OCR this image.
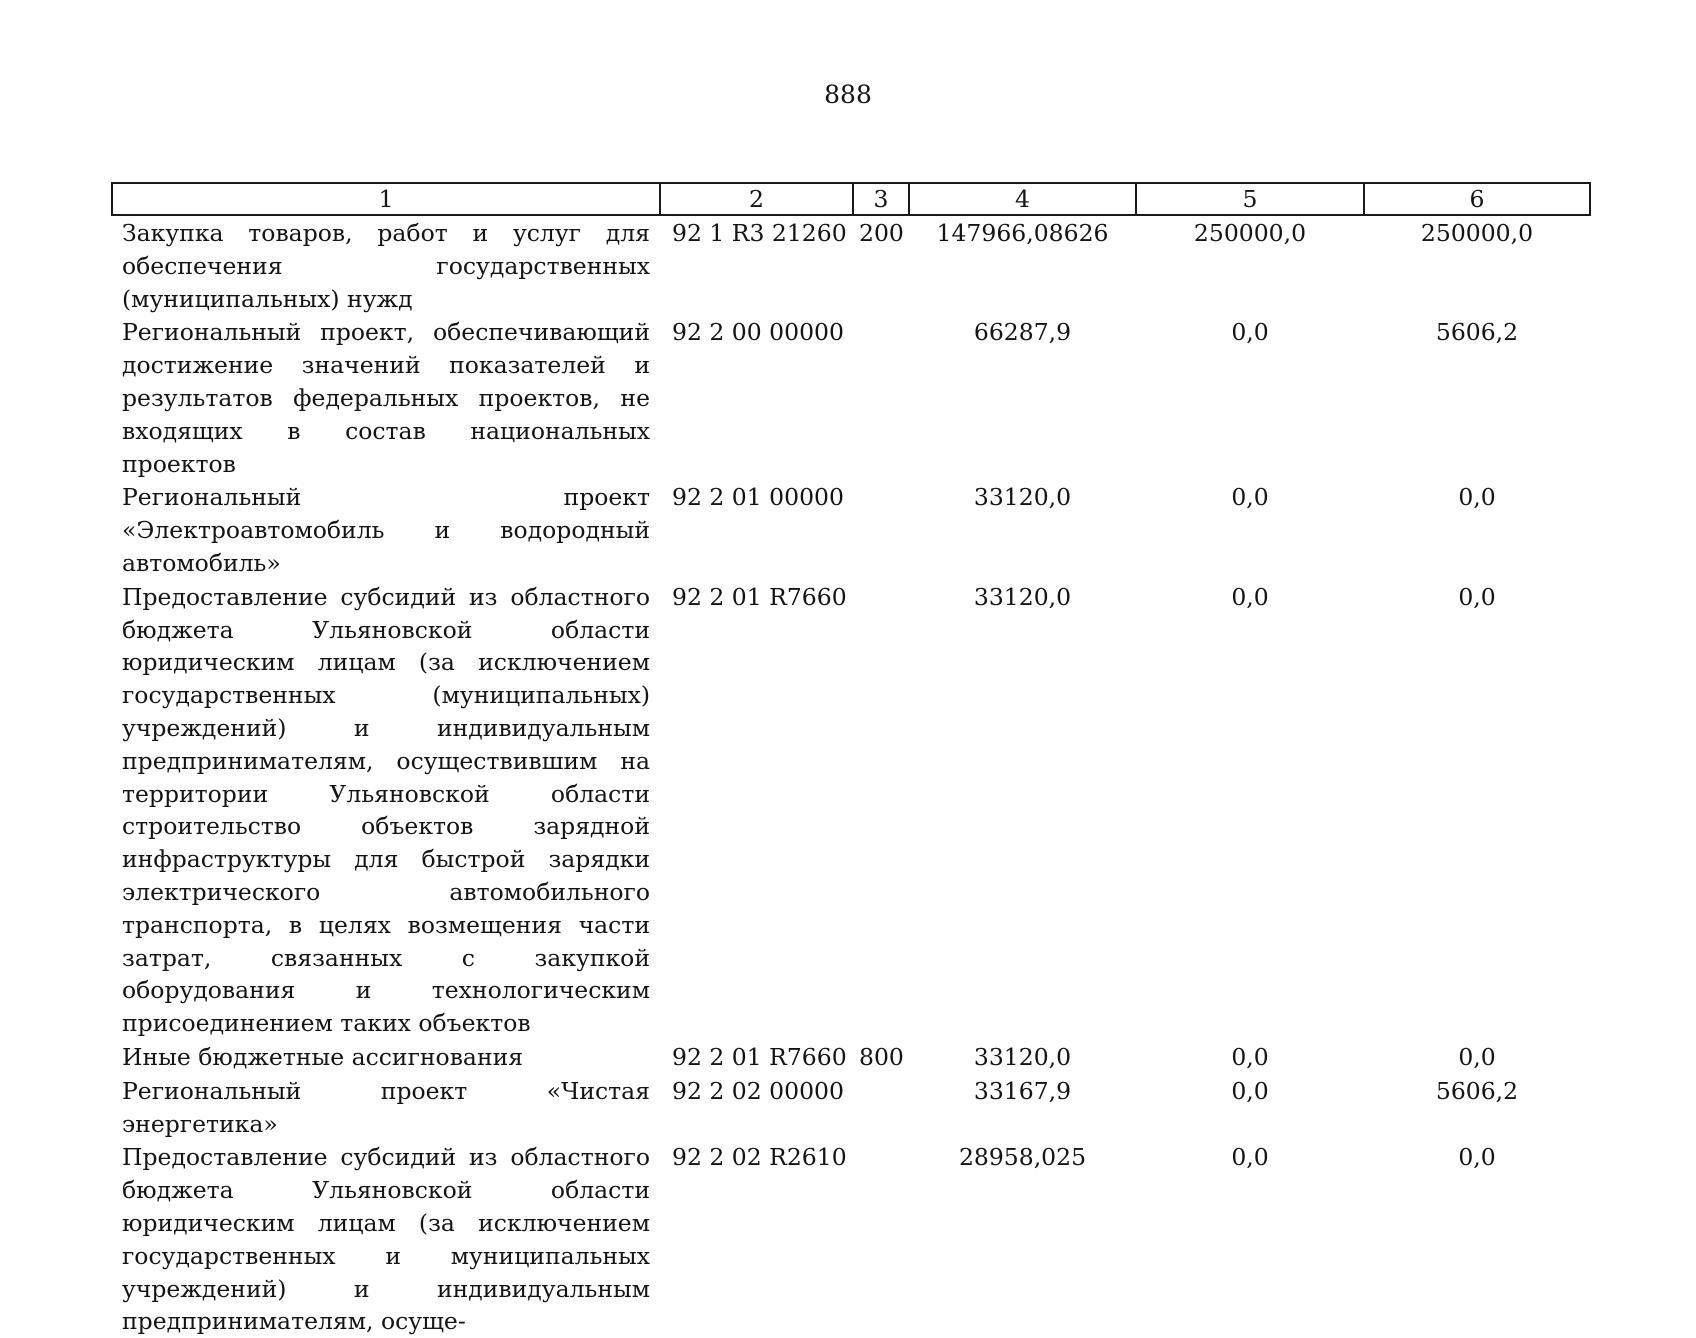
888
1	2	3	4	5	6
Закупка товаров, работ и услуг для обеспечения государственных (муниципальных) нужд	92 1 R3 21260	200	147966,08626	250000,0	250000,0
Региональный проект, обеспечивающий достижение значений показателей и результатов федеральных проектов, не входящих в состав национальных проектов	92 2 00 00000		66287,9	0,0	5606,2
Региональный проект «Электроавтомобиль и водородный автомобиль»	92 2 01 00000		33120,0	0,0	0,0
Предоставление субсидий из областного бюджета Ульяновской области юридическим лицам (за исключением государственных (муниципальных) учреждений) и индивидуальным предпринимателям, осуществившим на территории Ульяновской области строительство объектов зарядной инфраструктуры для быстрой зарядки электрического автомобильного транспорта, в целях возмещения части затрат, связанных с закупкой оборудования и технологическим присоединением таких объектов	92 2 01 R7660		33120,0	0,0	0,0
Иные бюджетные ассигнования	92 2 01 R7660	800	33120,0	0,0	0,0
Региональный проект «Чистая энергетика»	92 2 02 00000		33167,9	0,0	5606,2
Предоставление субсидий из областного бюджета Ульяновской области юридическим лицам (за исключением государственных и муниципальных учреждений) и индивидуальным предпринимателям, осуще-	92 2 02 R2610		28958,025	0,0	0,0
